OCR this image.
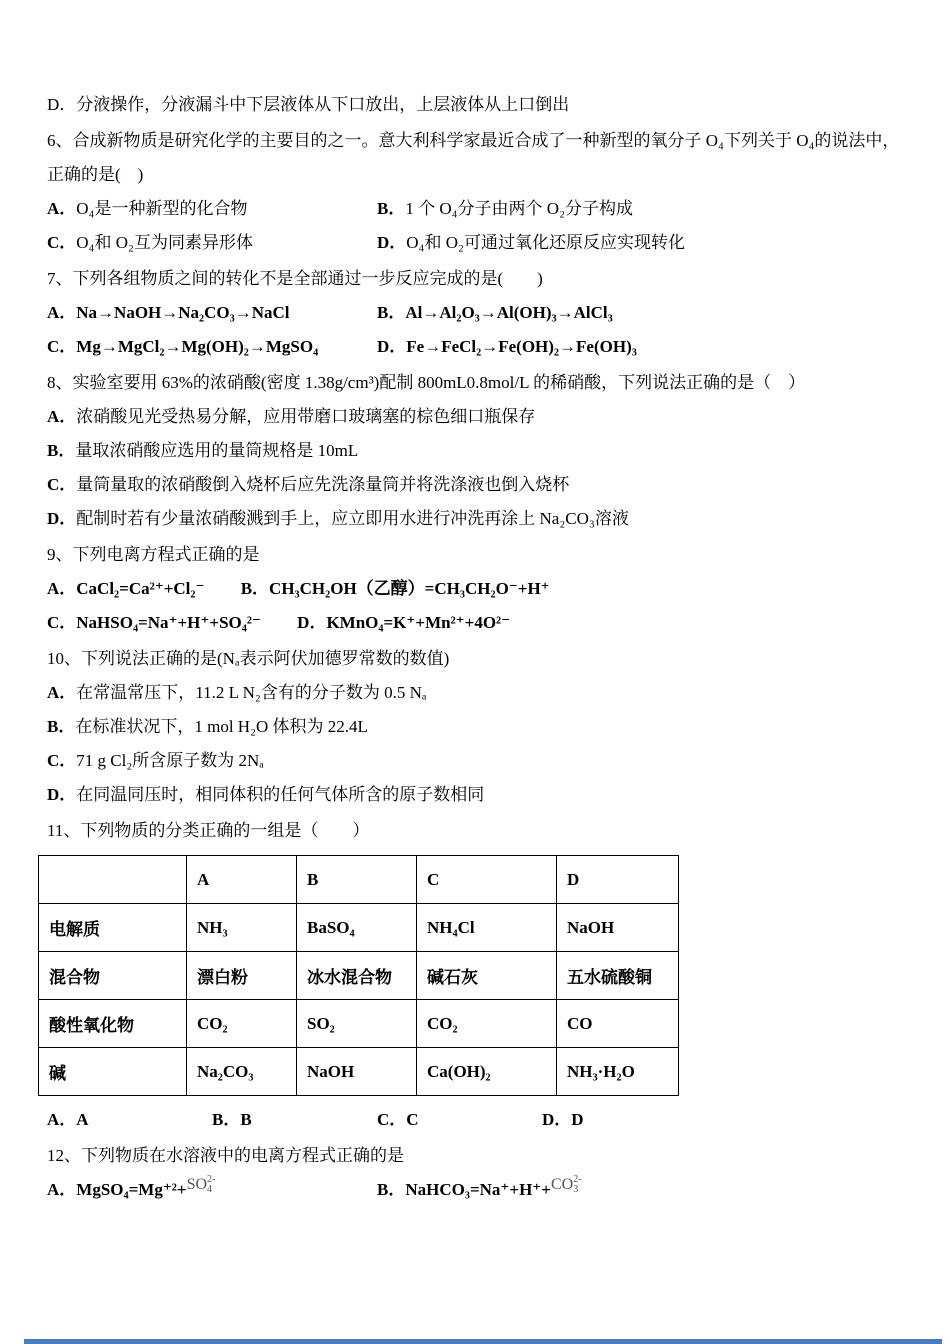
D．分液操作，分液漏斗中下层液体从下口放出，上层液体从上口倒出
6、合成新物质是研究化学的主要目的之一。意大利科学家最近合成了一种新型的氧分子 O₄下列关于 O₄的说法中，正确的是(　)
A．O₄是一种新型的化合物	B．1 个 O₄分子由两个 O₂分子构成
C．O₄和 O₂互为同素异形体	D．O₄和 O₂可通过氧化还原反应实现转化
7、下列各组物质之间的转化不是全部通过一步反应完成的是(　　)
A．Na→NaOH→Na₂CO₃→NaCl	B．Al→Al₂O₃→Al(OH)₃→AlCl₃
C．Mg→MgCl₂→Mg(OH)₂→MgSO₄	D．Fe→FeCl₂→Fe(OH)₂→Fe(OH)₃
8、实验室要用 63%的浓硝酸(密度 1.38g/cm³)配制 800mL0.8mol/L 的稀硝酸，下列说法正确的是（　）
A．浓硝酸见光受热易分解，应用带磨口玻璃塞的棕色细口瓶保存
B．量取浓硝酸应选用的量筒规格是 10mL
C．量筒量取的浓硝酸倒入烧杯后应先洗涤量筒并将洗涤液也倒入烧杯
D．配制时若有少量浓硝酸溅到手上，应立即用水进行冲洗再涂上 Na₂CO₃溶液
9、下列电离方程式正确的是
A．CaCl₂=Ca²⁺+Cl₂⁻ B．CH₃CH₂OH（乙醇）=CH₃CH₂O⁻+H⁺
C．NaHSO₄=Na⁺+H⁺+SO₄²⁻ D．KMnO₄=K⁺+Mn²⁺+4O²⁻
10、下列说法正确的是(Nₐ表示阿伏加德罗常数的数值)
A．在常温常压下，11.2 L N₂含有的分子数为 0.5 Nₐ
B．在标准状况下，1 mol H₂O 体积为 22.4L
C．71 g Cl₂所含原子数为 2Nₐ
D．在同温同压时，相同体积的任何气体所含的原子数相同
11、下列物质的分类正确的一组是（　　）
	A	B	C	D
电解质	NH₃	BaSO₄	NH₄Cl	NaOH
混合物	漂白粉	冰水混合物	碱石灰	五水硫酸铜
酸性氧化物	CO₂	SO₂	CO₂	CO
碱	Na₂CO₃	NaOH	Ca(OH)₂	NH₃·H₂O
A．A	B．B	C．C	D．D
12、下列物质在水溶液中的电离方程式正确的是
A．MgSO₄=Mg⁺²+SO 2-
4	B．NaHCO₃=Na⁺+H⁺+CO 2-
3
